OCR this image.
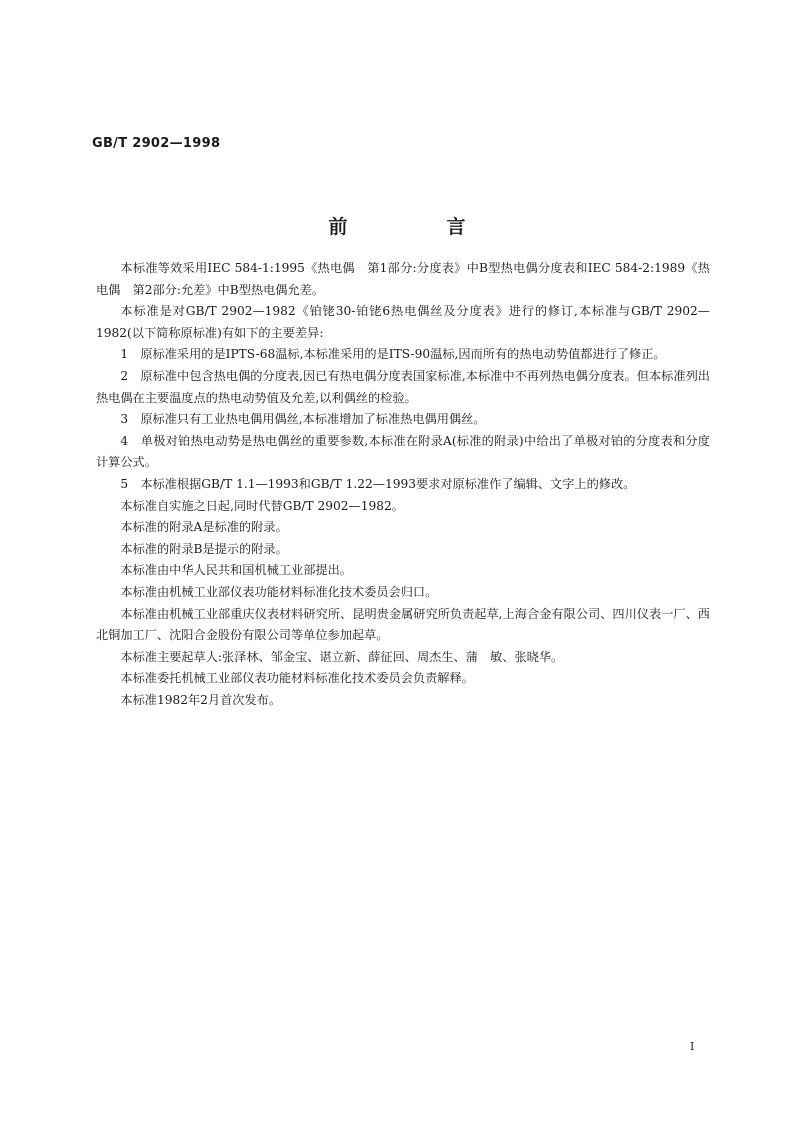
GB/T 2902—1998

前　言

本标准等效采用IEC 584-1:1995《热电偶　第1部分:分度表》中B型热电偶分度表和IEC 584-2:1989《热电偶　第2部分:允差》中B型热电偶允差。

本标准是对GB/T 2902—1982《铂铑30-铂铑6热电偶丝及分度表》进行的修订,本标准与GB/T 2902—1982(以下简称原标准)有如下的主要差异:

1　原标准采用的是IPTS-68温标,本标准采用的是ITS-90温标,因而所有的热电动势值都进行了修正。

2　原标准中包含热电偶的分度表,因已有热电偶分度表国家标准,本标准中不再列热电偶分度表。但本标准列出热电偶在主要温度点的热电动势值及允差,以利偶丝的检验。

3　原标准只有工业热电偶用偶丝,本标准增加了标准热电偶用偶丝。

4　单极对铂热电动势是热电偶丝的重要参数,本标准在附录A(标准的附录)中给出了单极对铂的分度表和分度计算公式。

5　本标准根据GB/T 1.1—1993和GB/T 1.22—1993要求对原标准作了编辑、文字上的修改。

本标准自实施之日起,同时代替GB/T 2902—1982。

本标准的附录A是标准的附录。

本标准的附录B是提示的附录。

本标准由中华人民共和国机械工业部提出。

本标准由机械工业部仪表功能材料标准化技术委员会归口。

本标准由机械工业部重庆仪表材料研究所、昆明贵金属研究所负责起草,上海合金有限公司、四川仪表一厂、西北铜加工厂、沈阳合金股份有限公司等单位参加起草。

本标准主要起草人:张泽林、邹金宝、谌立新、薛征回、周杰生、蒲　敏、张晓华。

本标准委托机械工业部仪表功能材料标准化技术委员会负责解释。

本标准1982年2月首次发布。

I
